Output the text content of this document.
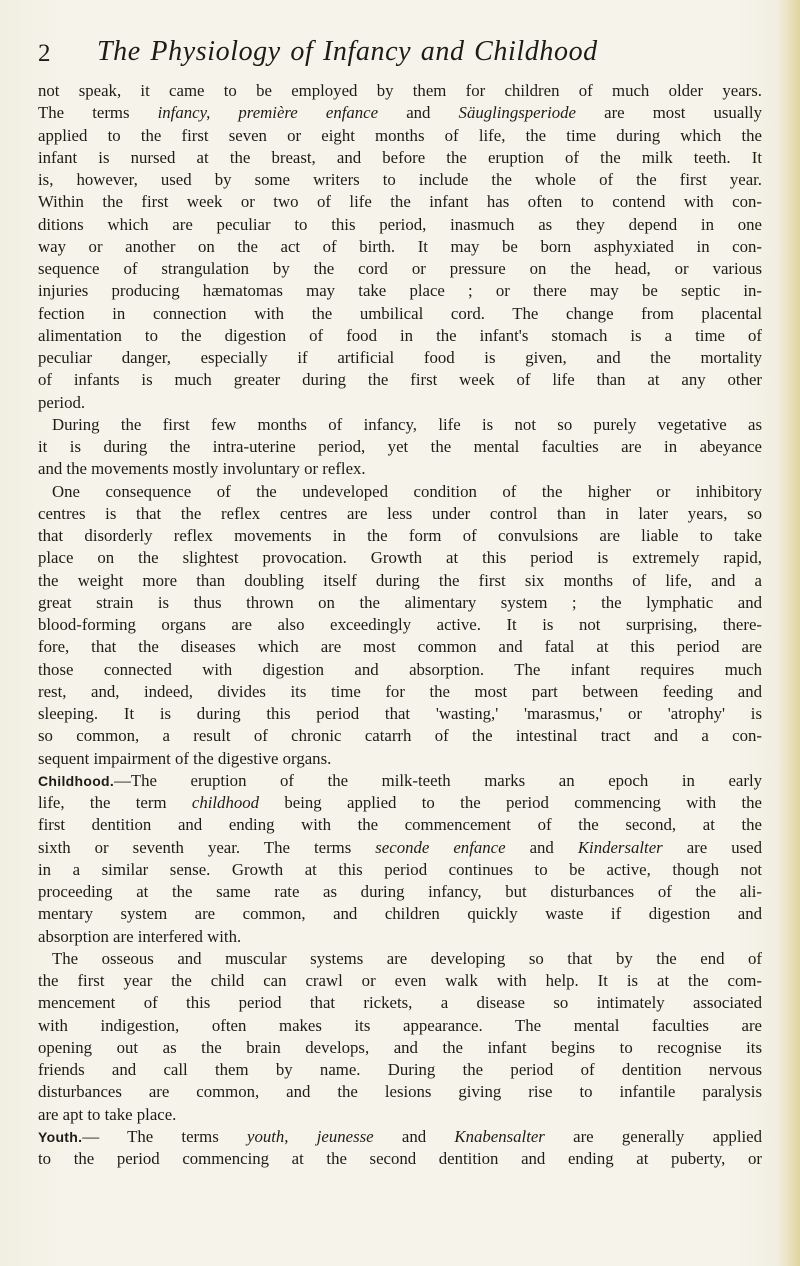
2 The Physiology of Infancy and Childhood
not speak, it came to be employed by them for children of much older years.
The terms infancy, première enfance and Säuglingsperiode are most usually
applied to the first seven or eight months of life, the time during which the
infant is nursed at the breast, and before the eruption of the milk teeth. It
is, however, used by some writers to include the whole of the first year.
Within the first week or two of life the infant has often to contend with con-
ditions which are peculiar to this period, inasmuch as they depend in one
way or another on the act of birth. It may be born asphyxiated in con-
sequence of strangulation by the cord or pressure on the head, or various
injuries producing hæmatomas may take place ; or there may be septic in-
fection in connection with the umbilical cord. The change from placental
alimentation to the digestion of food in the infant's stomach is a time of
peculiar danger, especially if artificial food is given, and the mortality
of infants is much greater during the first week of life than at any other
period.
During the first few months of infancy, life is not so purely vegetative as
it is during the intra-uterine period, yet the mental faculties are in abeyance
and the movements mostly involuntary or reflex.
One consequence of the undeveloped condition of the higher or inhibitory
centres is that the reflex centres are less under control than in later years, so
that disorderly reflex movements in the form of convulsions are liable to take
place on the slightest provocation. Growth at this period is extremely rapid,
the weight more than doubling itself during the first six months of life, and a
great strain is thus thrown on the alimentary system ; the lymphatic and
blood-forming organs are also exceedingly active. It is not surprising, there-
fore, that the diseases which are most common and fatal at this period are
those connected with digestion and absorption. The infant requires much
rest, and, indeed, divides its time for the most part between feeding and
sleeping. It is during this period that 'wasting,' 'marasmus,' or 'atrophy' is
so common, a result of chronic catarrh of the intestinal tract and a con-
sequent impairment of the digestive organs.
Childhood.—The eruption of the milk-teeth marks an epoch in early
life, the term childhood being applied to the period commencing with the
first dentition and ending with the commencement of the second, at the
sixth or seventh year. The terms seconde enfance and Kindersalter are used
in a similar sense. Growth at this period continues to be active, though not
proceeding at the same rate as during infancy, but disturbances of the ali-
mentary system are common, and children quickly waste if digestion and
absorption are interfered with.
The osseous and muscular systems are developing so that by the end of
the first year the child can crawl or even walk with help. It is at the com-
mencement of this period that rickets, a disease so intimately associated
with indigestion, often makes its appearance. The mental faculties are
opening out as the brain develops, and the infant begins to recognise its
friends and call them by name. During the period of dentition nervous
disturbances are common, and the lesions giving rise to infantile paralysis
are apt to take place.
Youth.— The terms youth, jeunesse and Knabensalter are generally applied
to the period commencing at the second dentition and ending at puberty, or
